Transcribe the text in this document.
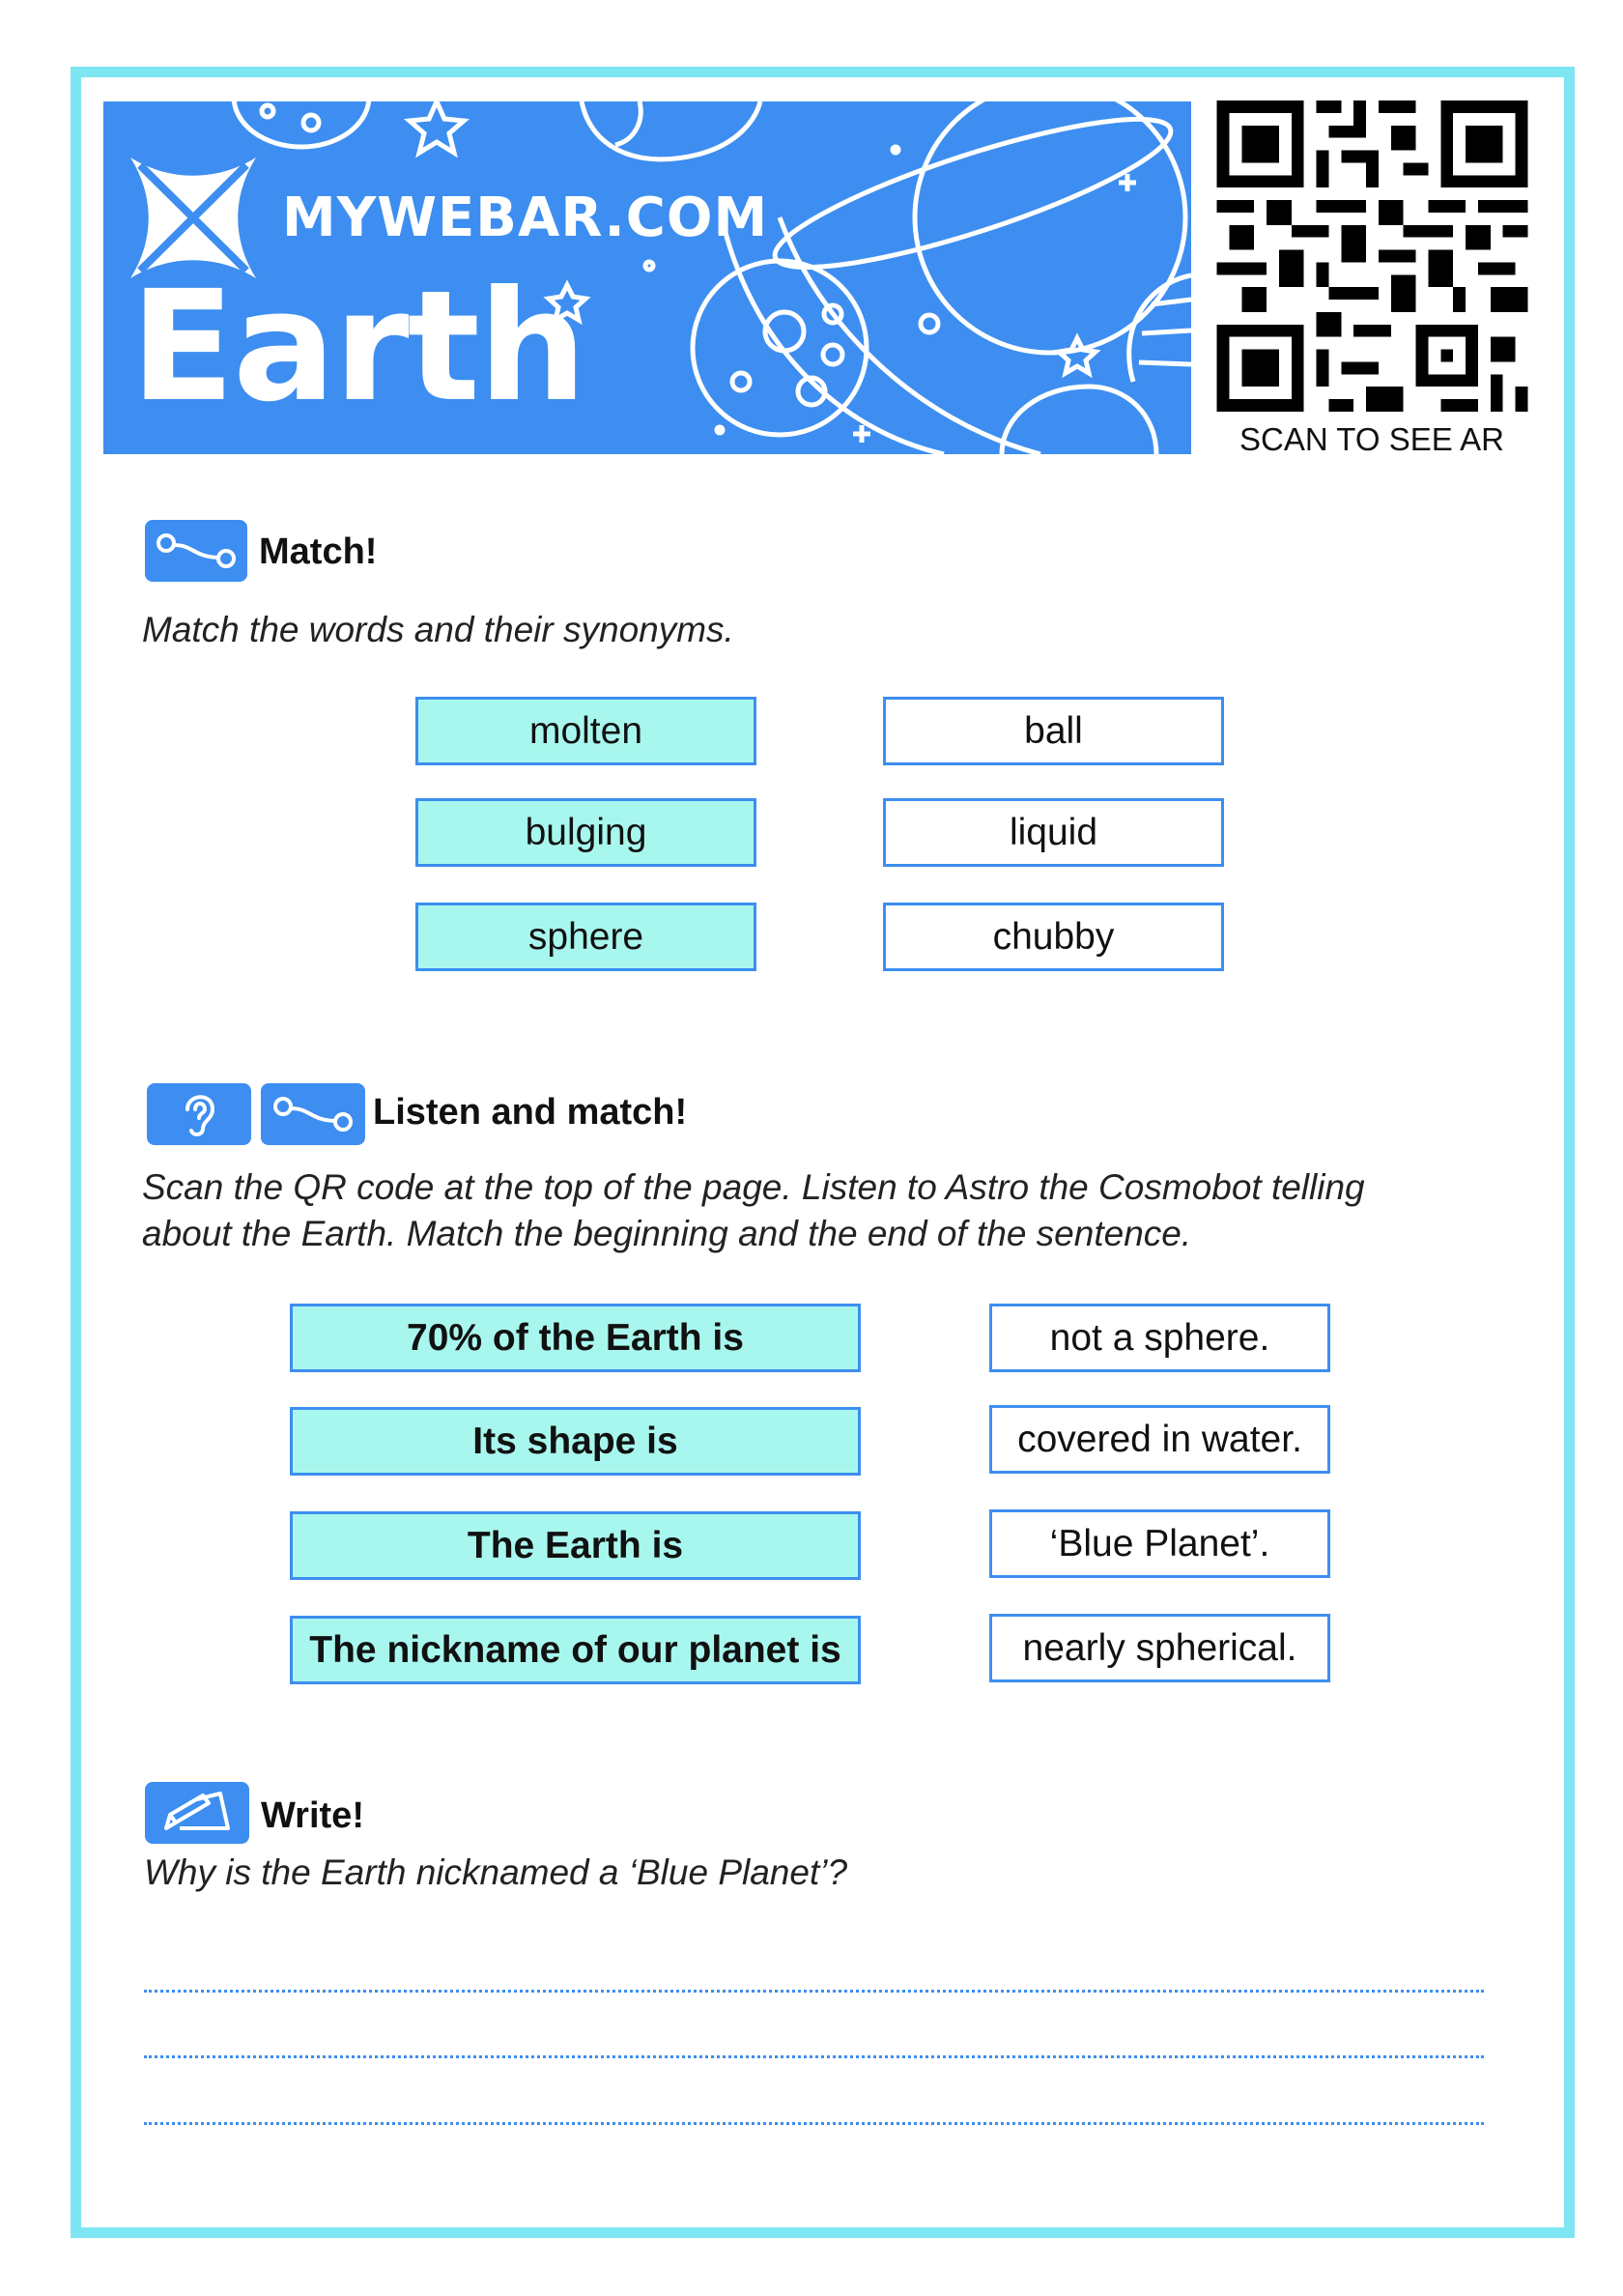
MYWEBAR.COM
Earth
SCAN TO SEE AR
Match!
Match the words and their synonyms.
molten
bulging
sphere
ball
liquid
chubby
Listen and match!
Scan the QR code at the top of the page. Listen to Astro the Cosmobot telling
about the Earth. Match the beginning and the end of the sentence.
70% of the Earth is
Its shape is
The Earth is
The nickname of our planet is
not a sphere.
covered in water.
‘Blue Planet’.
nearly spherical.
Write!
Why is the Earth nicknamed a ‘Blue Planet’?
